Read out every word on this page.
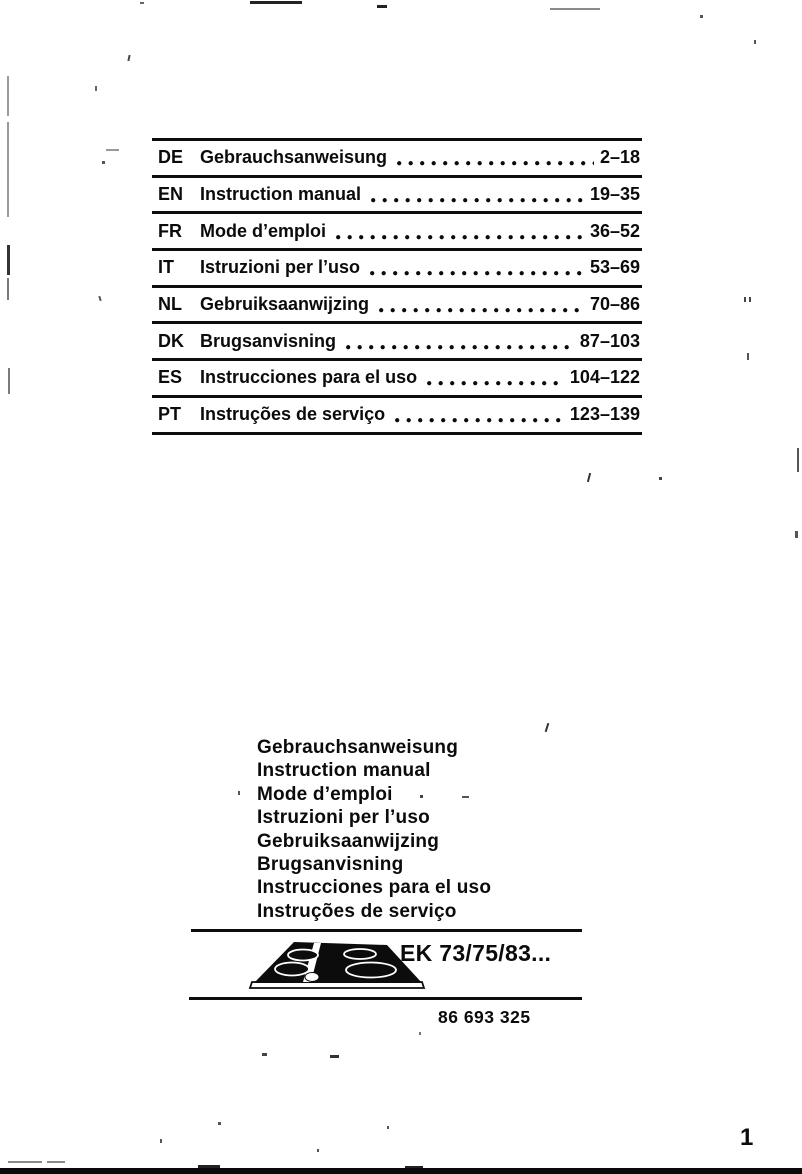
DE Gebrauchsanweisung	2–18
EN Instruction manual	19–35
FR	Mode d’emploi	36–52
IT	Istruzioni per l’uso	53–69
NL	Gebruiksaanwijzing	70–86
DK Brugsanvisning	87–103
ES Instrucciones para el uso	104–122
PT	Instruções de serviço	123–139
Gebrauchsanweisung
Instruction manual
Mode d’emploi
Istruzioni per l’uso
Gebruiksaanwijzing
Brugsanvisning
Instrucciones para el uso
Instruções de serviço
EK 73/75/83...
86 693 325
1
